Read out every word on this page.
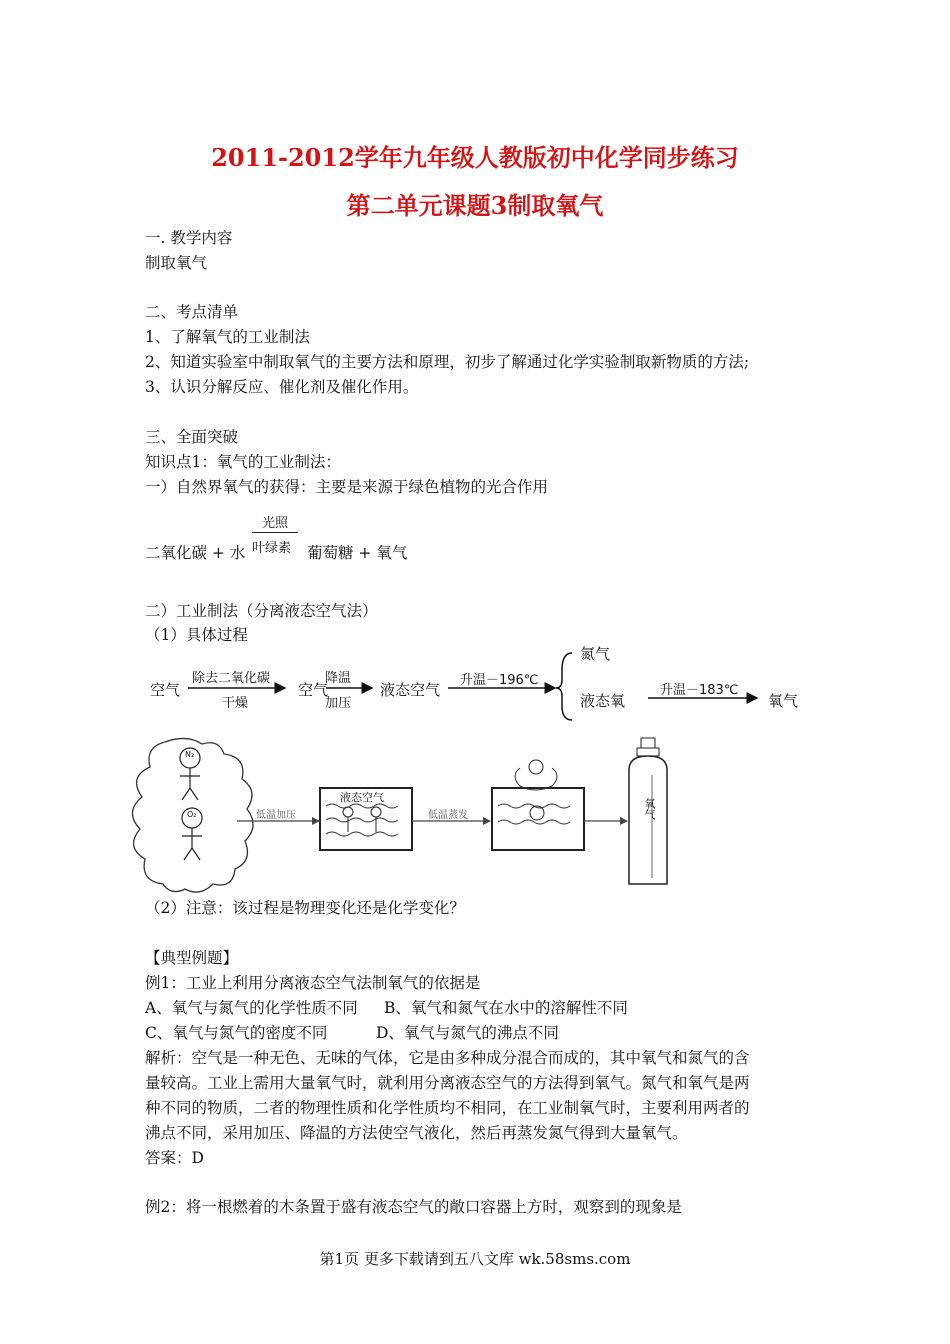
2011-2012学年九年级人教版初中化学同步练习
第二单元课题3制取氧气
一. 教学内容
制取氧气
二、考点清单
1、了解氧气的工业制法
2、知道实验室中制取氧气的主要方法和原理，初步了解通过化学实验制取新物质的方法;
3、认识分解反应、催化剂及催化作用。
三、全面突破
知识点1：氧气的工业制法：
一）自然界氧气的获得：主要是来源于绿色植物的光合作用
光照
叶绿素
二氧化碳 + 水	葡萄糖 + 氧气
二）工业制法（分离液态空气法）
（1）具体过程
空气
除去二氧化碳
干燥
空气
降温
加压
液态空气
升温－196℃
氮气
液态氧
升温－183℃
氧气
N₂
O₂	低温加压
液态空气
低温蒸发	氧气
（2）注意：该过程是物理变化还是化学变化？
【典型例题】
例1：工业上利用分离液态空气法制氧气的依据是
A、氧气与氮气的化学性质不同 B、氧气和氮气在水中的溶解性不同
C、氧气与氮气的密度不同	D、氧气与氮气的沸点不同
解析：空气是一种无色、无味的气体，它是由多种成分混合而成的，其中氧气和氮气的含
量较高。工业上需用大量氧气时，就利用分离液态空气的方法得到氧气。氮气和氧气是两
种不同的物质，二者的物理性质和化学性质均不相同，在工业制氧气时，主要利用两者的
沸点不同，采用加压、降温的方法使空气液化，然后再蒸发氮气得到大量氧气。
答案：D
例2：将一根燃着的木条置于盛有液态空气的敞口容器上方时，观察到的现象是
第1页 更多下载请到五八文库 wk.58sms.com
